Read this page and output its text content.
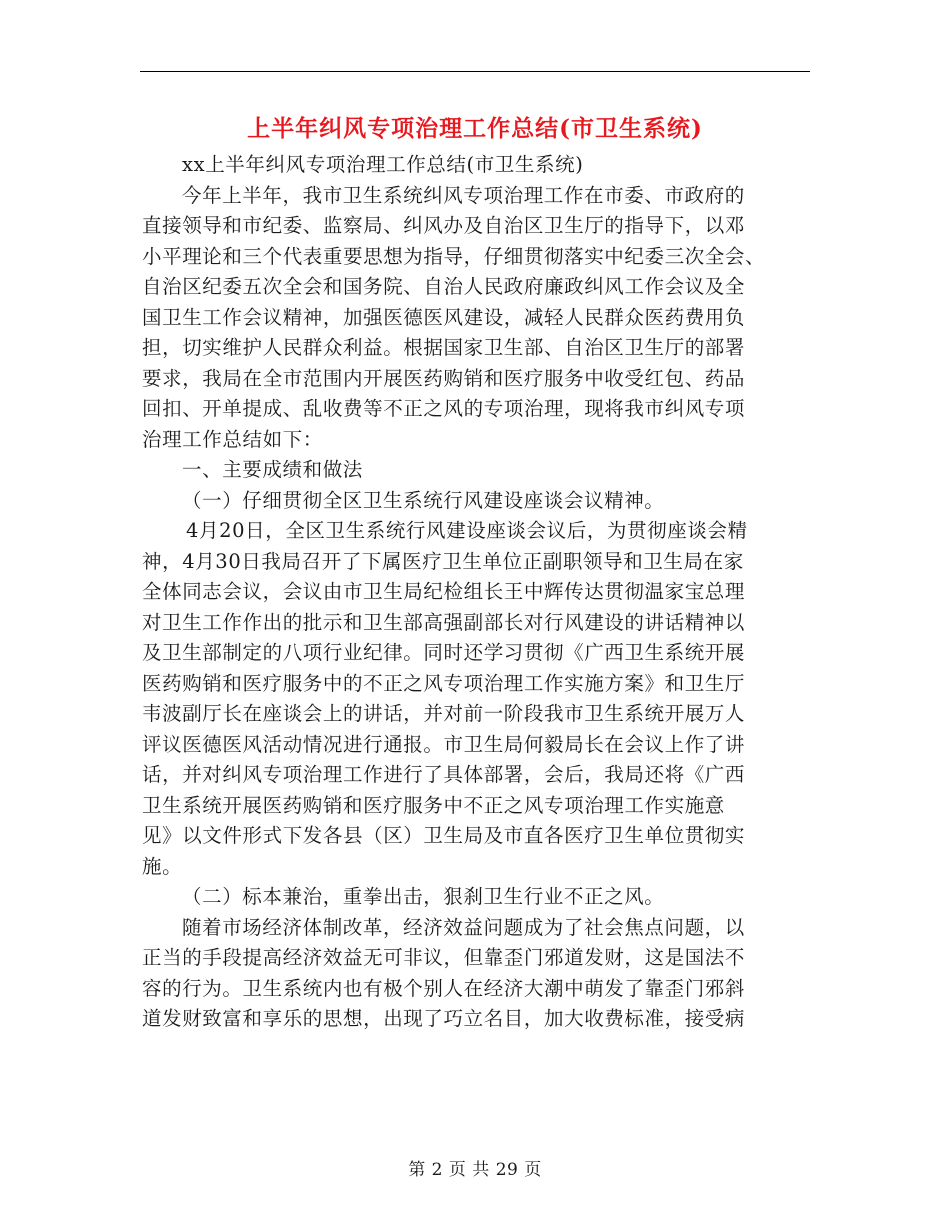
上半年纠风专项治理工作总结(市卫生系统)
xx上半年纠风专项治理工作总结(市卫生系统)
今年上半年，我市卫生系统纠风专项治理工作在市委、市政府的
直接领导和市纪委、监察局、纠风办及自治区卫生厅的指导下，以邓
小平理论和三个代表重要思想为指导，仔细贯彻落实中纪委三次全会、
自治区纪委五次全会和国务院、自治人民政府廉政纠风工作会议及全
国卫生工作会议精神，加强医德医风建设，减轻人民群众医药费用负
担，切实维护人民群众利益。根据国家卫生部、自治区卫生厅的部署
要求，我局在全市范围内开展医药购销和医疗服务中收受红包、药品
回扣、开单提成、乱收费等不正之风的专项治理，现将我市纠风专项
治理工作总结如下：
一、主要成绩和做法
（一）仔细贯彻全区卫生系统行风建设座谈会议精神。
4月20日，全区卫生系统行风建设座谈会议后，为贯彻座谈会精
神，4月30日我局召开了下属医疗卫生单位正副职领导和卫生局在家
全体同志会议，会议由市卫生局纪检组长王中辉传达贯彻温家宝总理
对卫生工作作出的批示和卫生部高强副部长对行风建设的讲话精神以
及卫生部制定的八项行业纪律。同时还学习贯彻《广西卫生系统开展
医药购销和医疗服务中的不正之风专项治理工作实施方案》和卫生厅
韦波副厅长在座谈会上的讲话，并对前一阶段我市卫生系统开展万人
评议医德医风活动情况进行通报。市卫生局何毅局长在会议上作了讲
话，并对纠风专项治理工作进行了具体部署，会后，我局还将《广西
卫生系统开展医药购销和医疗服务中不正之风专项治理工作实施意
见》以文件形式下发各县（区）卫生局及市直各医疗卫生单位贯彻实
施。
（二）标本兼治，重拳出击，狠刹卫生行业不正之风。
随着市场经济体制改革，经济效益问题成为了社会焦点问题，以
正当的手段提高经济效益无可非议，但靠歪门邪道发财，这是国法不
容的行为。卫生系统内也有极个别人在经济大潮中萌发了靠歪门邪斜
道发财致富和享乐的思想，出现了巧立名目，加大收费标准，接受病
第 2 页 共 29 页
